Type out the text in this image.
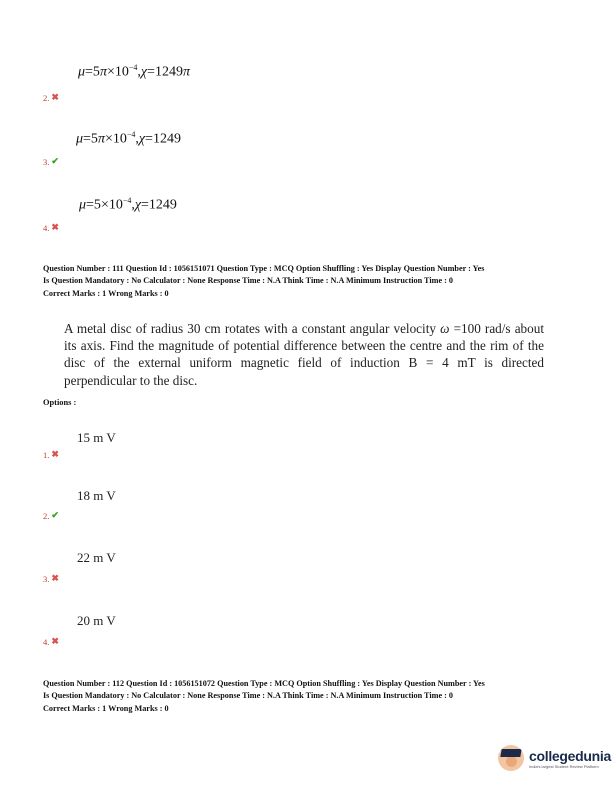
$\mu=5\pi\times 10^{-4},\chi=1249\pi$
2. ✖
$\mu=5\pi\times 10^{-4},\chi=1249$
3. ✔
$\mu=5\times 10^{-4},\chi=1249$
4. ✖
Question Number : 111 Question Id : 1056151071 Question Type : MCQ Option Shuffling : Yes Display Question Number : Yes
Is Question Mandatory : No Calculator : None Response Time : N.A Think Time : N.A Minimum Instruction Time : 0
Correct Marks : 1 Wrong Marks : 0
A metal disc of radius 30 cm rotates with a constant angular velocity ω =100 rad/s about its axis. Find the magnitude of potential difference between the centre and the rim of the disc of the external uniform magnetic field of induction B = 4 mT is directed perpendicular to the disc.
Options :
15 m V
1. ✖
18 m V
2. ✔
22 m V
3. ✖
20 m V
4. ✖
Question Number : 112 Question Id : 1056151072 Question Type : MCQ Option Shuffling : Yes Display Question Number : Yes
Is Question Mandatory : No Calculator : None Response Time : N.A Think Time : N.A Minimum Instruction Time : 0
Correct Marks : 1 Wrong Marks : 0
collegedunia
India's largest Student Review Platform
